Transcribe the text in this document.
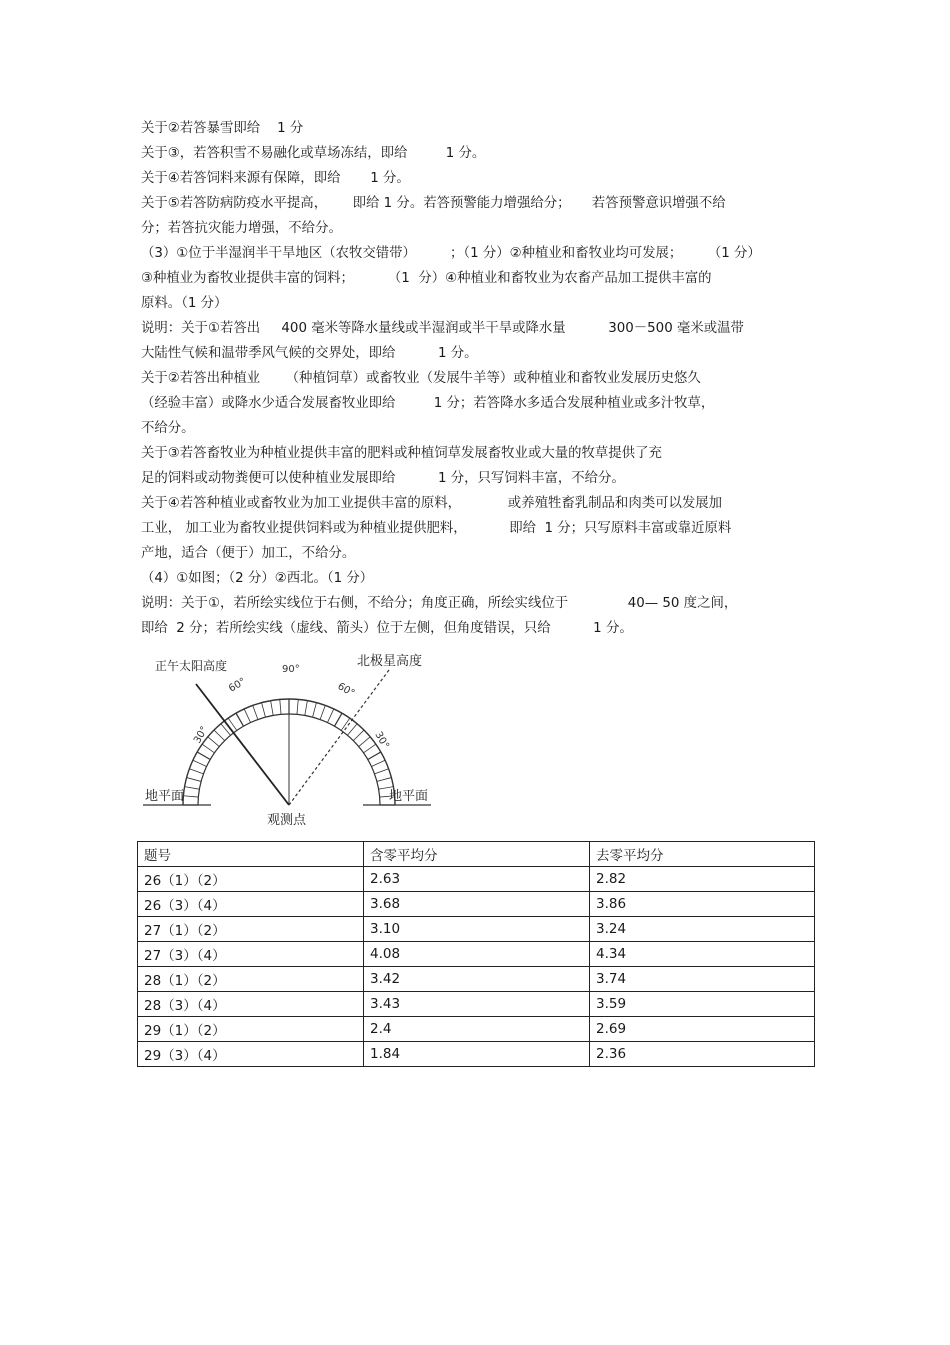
关于②若答暴雪即给    1 分
关于③，若答积雪不易融化或草场冻结，即给         1 分。
关于④若答饲料来源有保障，即给       1 分。
关于⑤若答防病防疫水平提高，      即给 1 分。若答预警能力增强给分；     若答预警意识增强不给
分；若答抗灾能力增强，不给分。
（3）①位于半湿润半干旱地区（农牧交错带）        ；（1 分）②种植业和畜牧业均可发展；      （1 分）
③种植业为畜牧业提供丰富的饲料；        （1  分）④种植业和畜牧业为农畜产品加工提供丰富的
原料。（1 分）
说明：关于①若答出     400 毫米等降水量线或半湿润或半干旱或降水量          300－500 毫米或温带
大陆性气候和温带季风气候的交界处，即给          1 分。
关于②若答出种植业      （种植饲草）或畜牧业（发展牛羊等）或种植业和畜牧业发展历史悠久
（经验丰富）或降水少适合发展畜牧业即给         1 分；若答降水多适合发展种植业或多汁牧草，
不给分。
关于③若答畜牧业为种植业提供丰富的肥料或种植饲草发展畜牧业或大量的牧草提供了充
足的饲料或动物粪便可以使种植业发展即给          1 分，只写饲料丰富，不给分。
关于④若答种植业或畜牧业为加工业提供丰富的原料，           或养殖牲畜乳制品和肉类可以发展加
工业， 加工业为畜牧业提供饲料或为种植业提供肥料，          即给  1 分；只写原料丰富或靠近原料
产地，适合（便于）加工，不给分。
（4）①如图；（2 分）②西北。（1 分）
说明：关于①，若所绘实线位于右侧，不给分；角度正确，所绘实线位于              40— 50 度之间，
即给  2 分；若所绘实线（虚线、箭头）位于左侧，但角度错误，只给          1 分。
正午太阳高度	北极星高度
地平面	地平面
观测点
90°
60°	60°
30°	30°
题号	含零平均分	去零平均分
26（1）（2）	2.63	2.82
26（3）（4）	3.68	3.86
27（1）（2）	3.10	3.24
27（3）（4）	4.08	4.34
28（1）（2）	3.42	3.74
28（3）（4）	3.43	3.59
29（1）（2）	2.4	2.69
29（3）（4）	1.84	2.36
